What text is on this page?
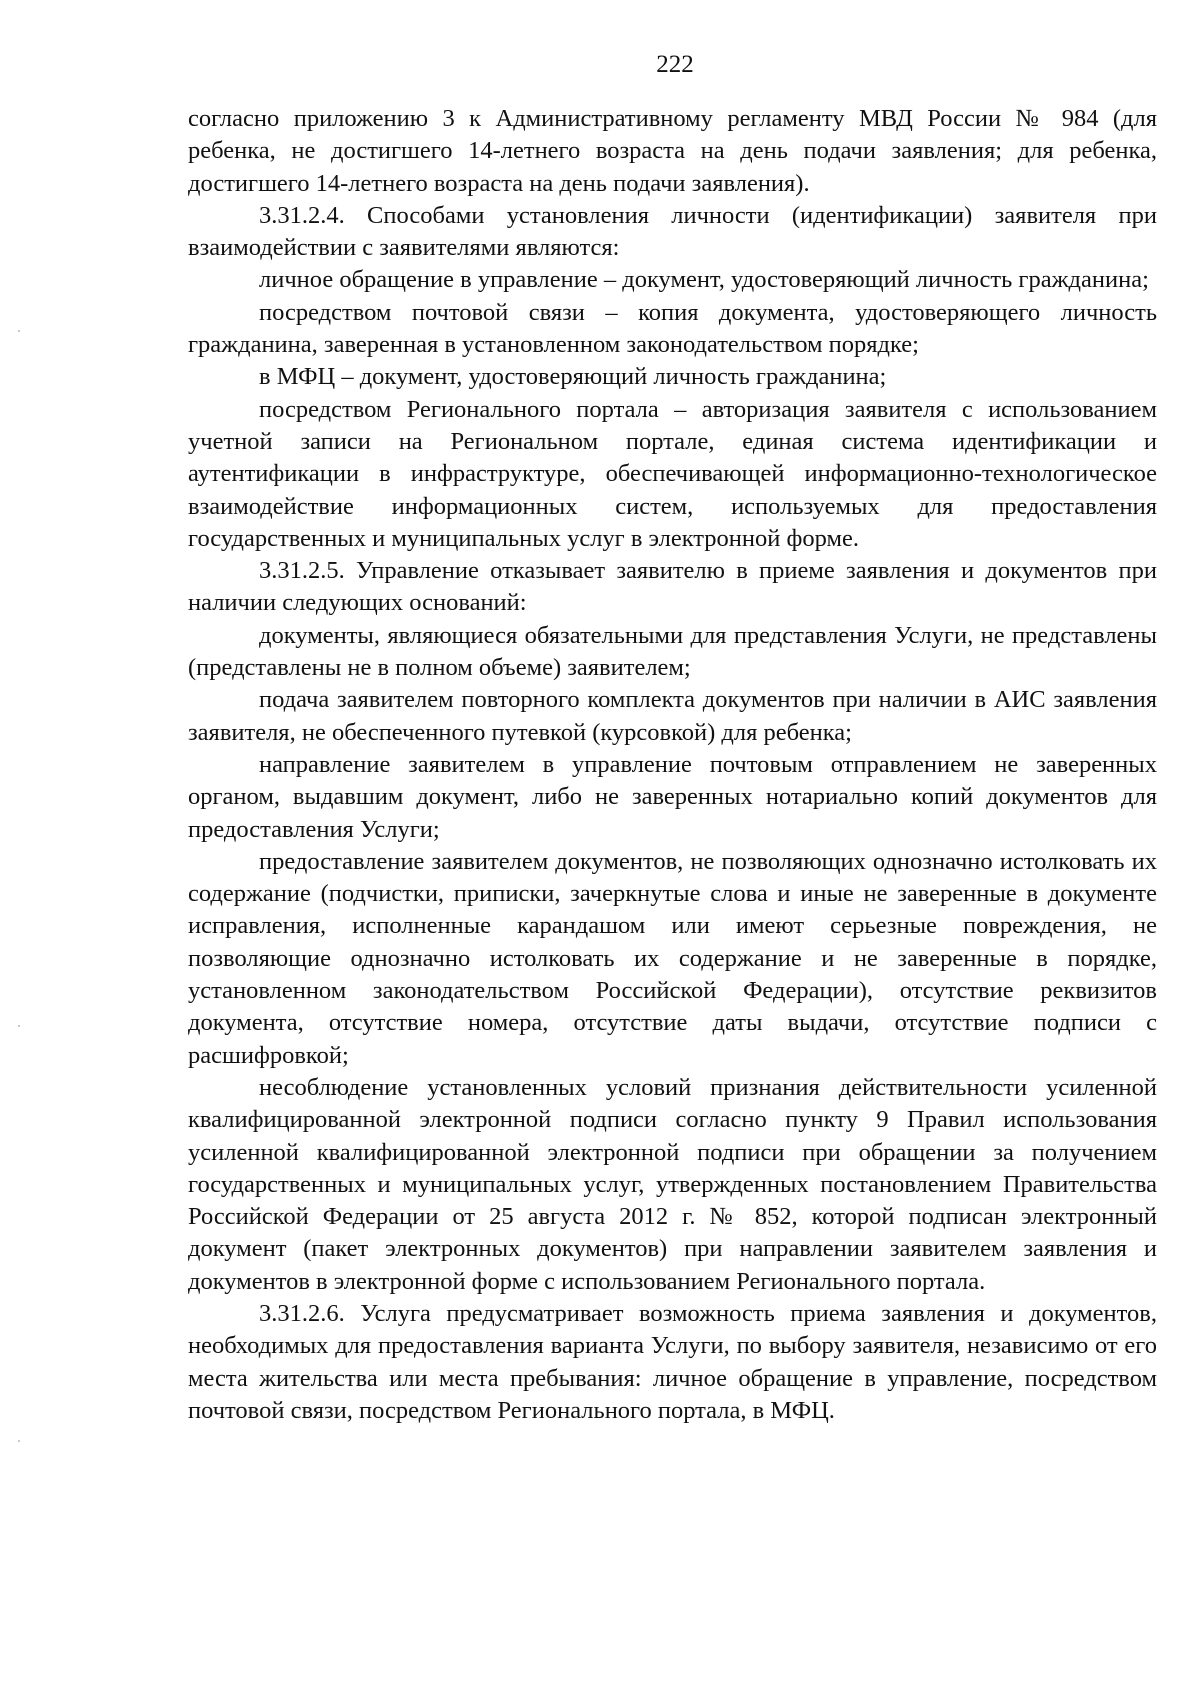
222

согласно приложению 3 к Административному регламенту МВД России № 984 (для ребенка, не достигшего 14-летнего возраста на день подачи заявления; для ребенка, достигшего 14-летнего возраста на день подачи заявления).

3.31.2.4. Способами установления личности (идентификации) заявителя при взаимодействии с заявителями являются:

личное обращение в управление – документ, удостоверяющий личность гражданина;

посредством почтовой связи – копия документа, удостоверяющего личность гражданина, заверенная в установленном законодательством порядке;

в МФЦ – документ, удостоверяющий личность гражданина;

посредством Регионального портала – авторизация заявителя с использованием учетной записи на Региональном портале, единая система идентификации и аутентификации в инфраструктуре, обеспечивающей информационно-технологическое взаимодействие информационных систем, используемых для предоставления государственных и муниципальных услуг в электронной форме.

3.31.2.5. Управление отказывает заявителю в приеме заявления и документов при наличии следующих оснований:

документы, являющиеся обязательными для представления Услуги, не представлены (представлены не в полном объеме) заявителем;

подача заявителем повторного комплекта документов при наличии в АИС заявления заявителя, не обеспеченного путевкой (курсовкой) для ребенка;

направление заявителем в управление почтовым отправлением не заверенных органом, выдавшим документ, либо не заверенных нотариально копий документов для предоставления Услуги;

предоставление заявителем документов, не позволяющих однозначно истолковать их содержание (подчистки, приписки, зачеркнутые слова и иные не заверенные в документе исправления, исполненные карандашом или имеют серьезные повреждения, не позволяющие однозначно истолковать их содержание и не заверенные в порядке, установленном законодательством Российской Федерации), отсутствие реквизитов документа, отсутствие номера, отсутствие даты выдачи, отсутствие подписи с расшифровкой;

несоблюдение установленных условий признания действительности усиленной квалифицированной электронной подписи согласно пункту 9 Правил использования усиленной квалифицированной электронной подписи при обращении за получением государственных и муниципальных услуг, утвержденных постановлением Правительства Российской Федерации от 25 августа 2012 г. № 852, которой подписан электронный документ (пакет электронных документов) при направлении заявителем заявления и документов в электронной форме с использованием Регионального портала.

3.31.2.6. Услуга предусматривает возможность приема заявления и документов, необходимых для предоставления варианта Услуги, по выбору заявителя, независимо от его места жительства или места пребывания: личное обращение в управление, посредством почтовой связи, посредством Регионального портала, в МФЦ.
